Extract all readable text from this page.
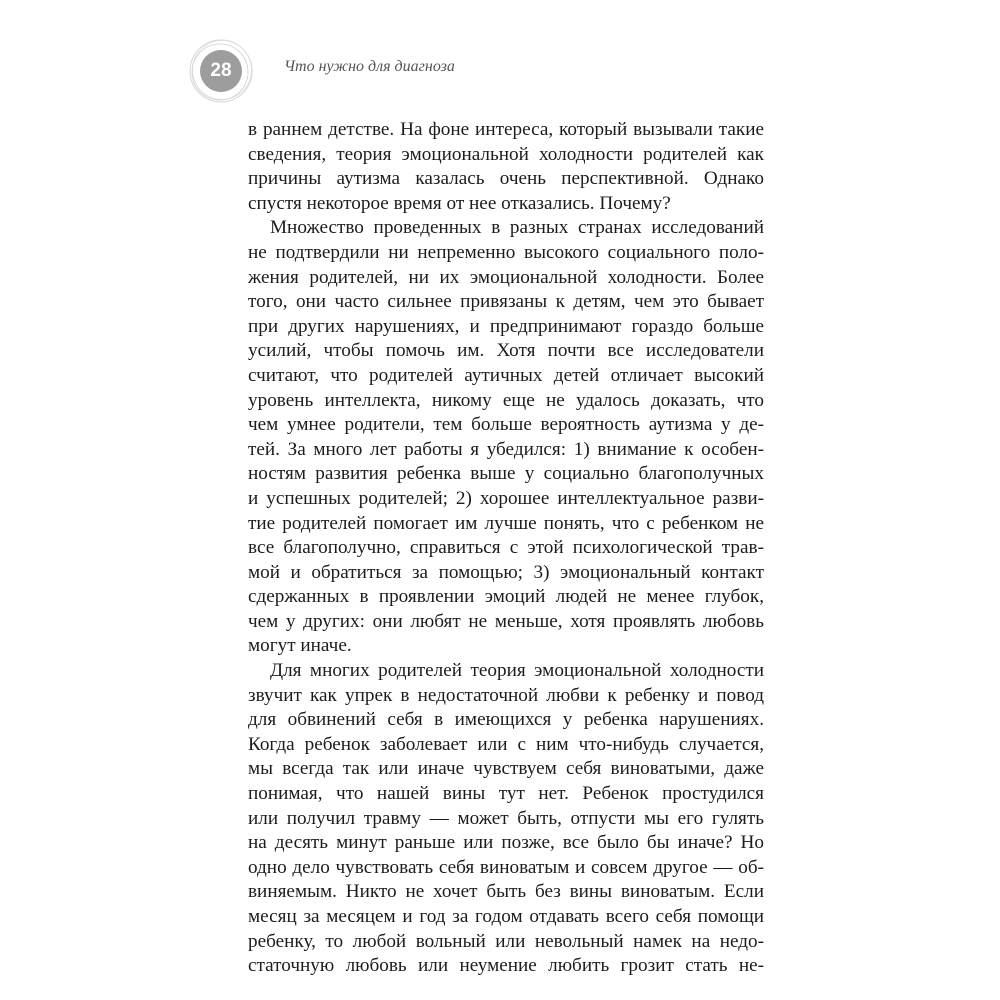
28	Что нужно для диагноза
в раннем детстве. На фоне интереса, который вызывали такие
сведения, теория эмоциональной холодности родителей как
причины аутизма казалась очень перспективной. Однако
спустя некоторое время от нее отказались. Почему?
Множество проведенных в разных странах исследований
не подтвердили ни непременно высокого социального поло-
жения родителей, ни их эмоциональной холодности. Более
того, они часто сильнее привязаны к детям, чем это бывает
при других нарушениях, и предпринимают гораздо больше
усилий, чтобы помочь им. Хотя почти все исследователи
считают, что родителей аутичных детей отличает высокий
уровень интеллекта, никому еще не удалось доказать, что
чем умнее родители, тем больше вероятность аутизма у де-
тей. За много лет работы я убедился: 1) внимание к особен-
ностям развития ребенка выше у социально благополучных
и успешных родителей; 2) хорошее интеллектуальное разви-
тие родителей помогает им лучше понять, что с ребенком не
все благополучно, справиться с этой психологической трав-
мой и обратиться за помощью; 3) эмоциональный контакт
сдержанных в проявлении эмоций людей не менее глубок,
чем у других: они любят не меньше, хотя проявлять любовь
могут иначе.
Для многих родителей теория эмоциональной холодности
звучит как упрек в недостаточной любви к ребенку и повод
для обвинений себя в имеющихся у ребенка нарушениях.
Когда ребенок заболевает или с ним что-нибудь случается,
мы всегда так или иначе чувствуем себя виноватыми, даже
понимая, что нашей вины тут нет. Ребенок простудился
или получил травму — может быть, отпусти мы его гулять
на десять минут раньше или позже, все было бы иначе? Но
одно дело чувствовать себя виноватым и совсем другое — об-
виняемым. Никто не хочет быть без вины виноватым. Если
месяц за месяцем и год за годом отдавать всего себя помощи
ребенку, то любой вольный или невольный намек на недо-
статочную любовь или неумение любить грозит стать не-
